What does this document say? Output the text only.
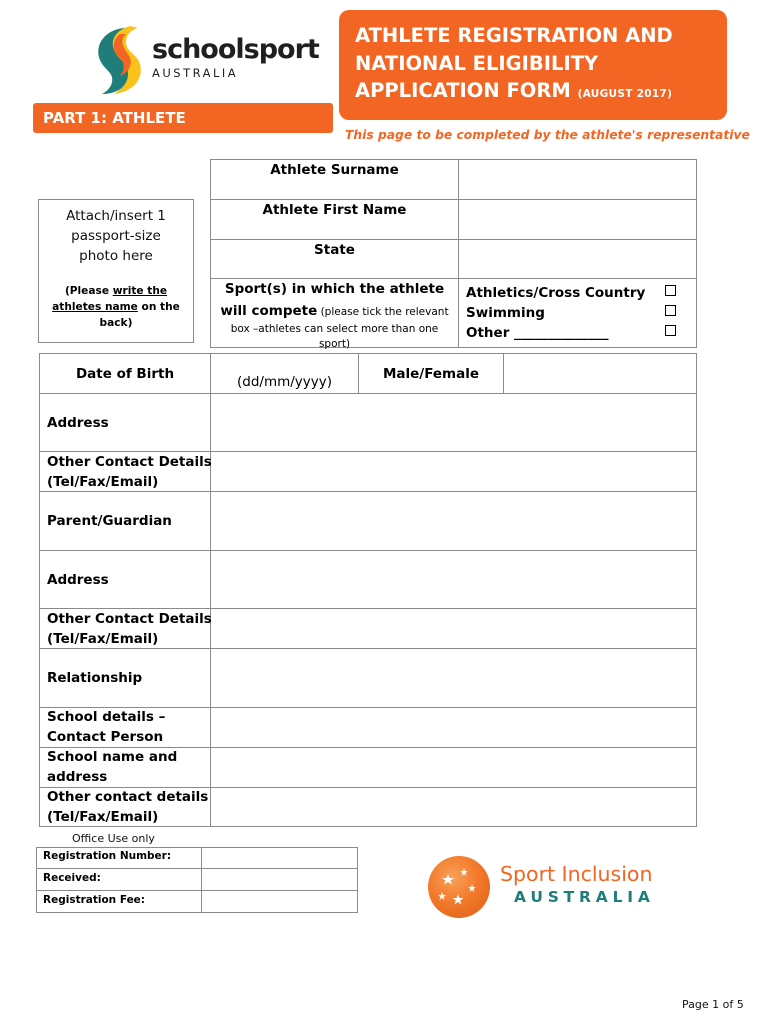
schoolsport
AUSTRALIA
ATHLETE REGISTRATION AND
NATIONAL ELIGIBILITY
APPLICATION FORM (AUGUST 2017)
PART 1: ATHLETE
This page to be completed by the athlete's representative
Attach/insert 1
passport-size
photo here
(Please write the
athletes name on the
back)
Athlete Surname
Athlete First Name
State
Sport(s) in which the athlete
will compete (please tick the relevant
box –athletes can select more than one
sport)
Athletics/Cross Country
Swimming
Other ______________
Date of Birth	(dd/mm/yyyy)	Male/Female
Address
Other Contact Details
(Tel/Fax/Email)
Parent/Guardian
Address
Other Contact Details
(Tel/Fax/Email)
Relationship
School details –
Contact Person
School name and
address
Other contact details
(Tel/Fax/Email)
Office Use only
Registration Number:
Received:
Registration Fee:
Sport Inclusion
AUSTRALIA
Page 1 of 5
